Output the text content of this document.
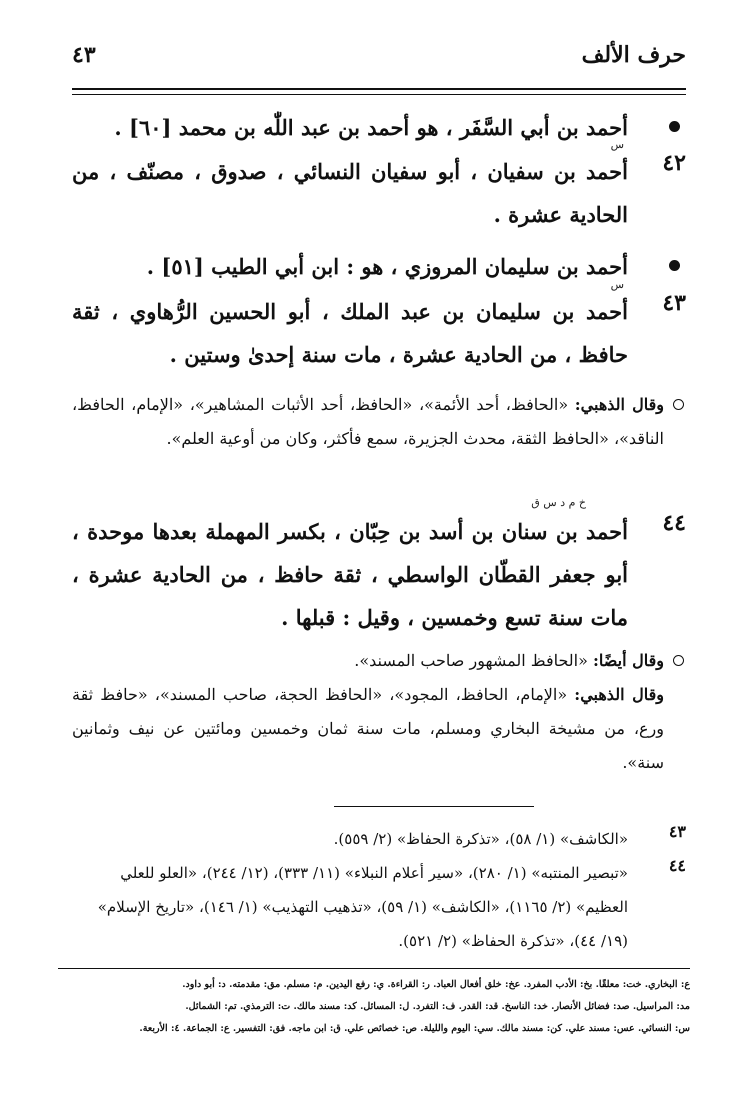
حرف الألف
٤٣
أحمد بن أبي السَّفَر ، هو أحمد بن عبد اللّٰه بن محمد [٦٠] .
٤٢
س
أحمد بن سفيان ، أبو سفيان النسائي ، صدوق ، مصنّف ، من الحادية عشرة .
أحمد بن سليمان المروزي ، هو : ابن أبي الطيب [٥١] .
٤٣
س
أحمد بن سليمان بن عبد الملك ، أبو الحسين الرُّهاوي ، ثقة حافظ ، من الحادية عشرة ، مات سنة إحدىٰ وستين .
وقال الذهبي: «الحافظ، أحد الأئمة»، «الحافظ، أحد الأثبات المشاهير»، «الإمام، الحافظ، الناقد»، «الحافظ الثقة، محدث الجزيرة، سمع فأكثر، وكان من أوعية العلم».
٤٤
خ م د س ق
أحمد بن سنان بن أسد بن حِبّان ، بكسر المهملة بعدها موحدة ، أبو جعفر القطّان الواسطي ، ثقة حافظ ، من الحادية عشرة ، مات سنة تسع وخمسين ، وقيل : قبلها .
وقال أيضًا: «الحافظ المشهور صاحب المسند».
وقال الذهبي: «الإمام، الحافظ، المجود»، «الحافظ الحجة، صاحب المسند»، «حافظ ثقة ورع، من مشيخة البخاري ومسلم، مات سنة ثمان وخمسين ومائتين عن نيف وثمانين سنة».
٤٣
«الكاشف» (١/ ٥٨)، «تذكرة الحفاظ» (٢/ ٥٥٩).
٤٤
«تبصير المنتبه» (١/ ٢٨٠)، «سير أعلام النبلاء» (١١/ ٣٣٣)، (١٢/ ٢٤٤)، «العلو للعلي العظيم» (٢/ ١١٦٥)، «الكاشف» (١/ ٥٩)، «تذهيب التهذيب» (١/ ١٤٦)، «تاريخ الإسلام» (١٩/ ٤٤)، «تذكرة الحفاظ» (٢/ ٥٢١).
ع: البخاري. خت: معلقًا. بخ: الأدب المفرد. عخ: خلق أفعال العباد. ر: القراءة. ي: رفع اليدين. م: مسلم. مق: مقدمته. د: أبو داود.
مد: المراسيل. صد: فضائل الأنصار. خد: الناسخ. قد: القدر. ف: التفرد. ل: المسائل. كد: مسند مالك. ت: الترمذي. تم: الشمائل.
س: النسائي. عس: مسند علي. كن: مسند مالك. سي: اليوم والليلة. ص: خصائص علي. ق: ابن ماجه. فق: التفسير. ع: الجماعة. ٤: الأربعة.
